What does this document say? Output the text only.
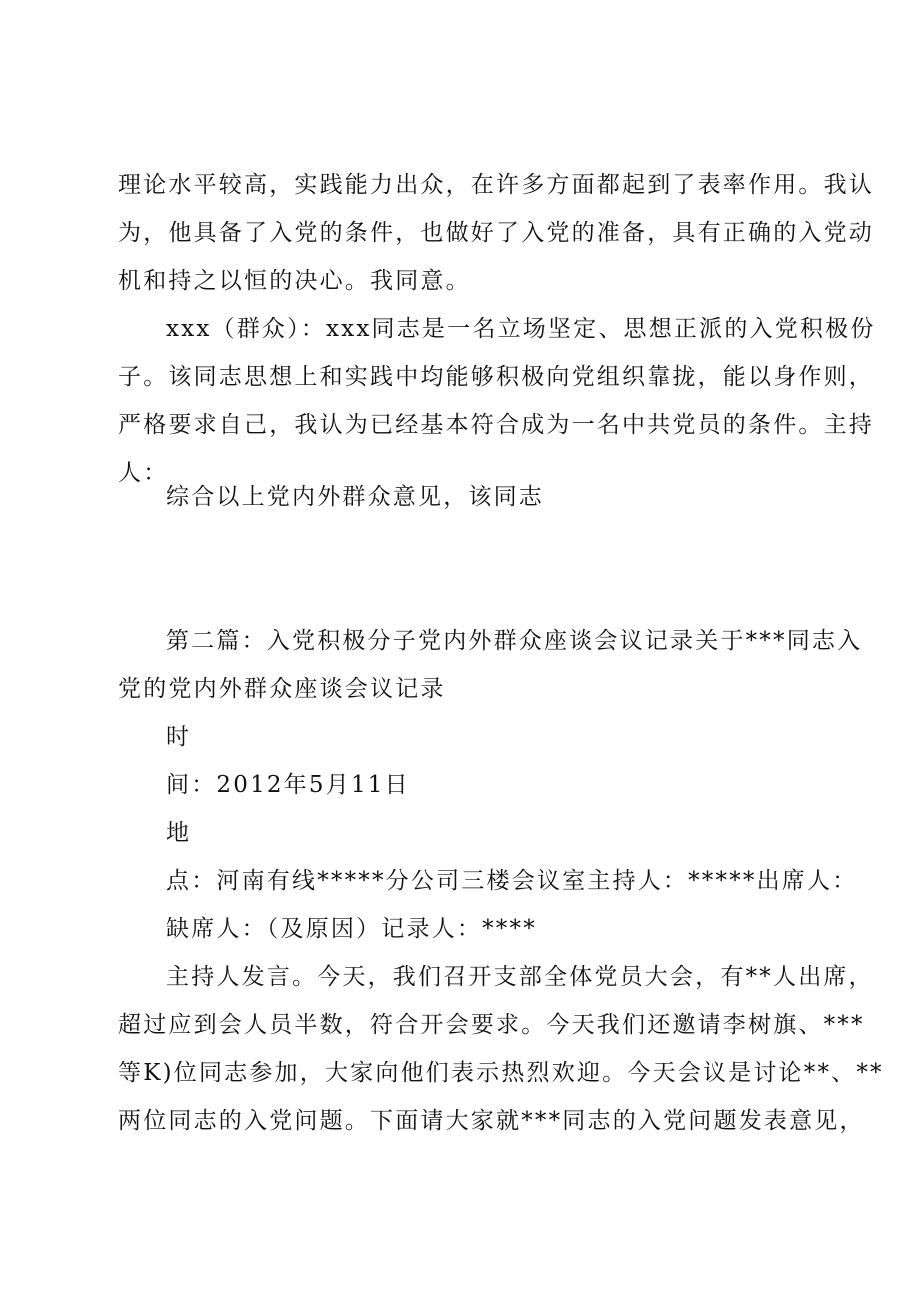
理论水平较高，实践能力出众，在许多方面都起到了表率作用。我认
为，他具备了入党的条件，也做好了入党的准备，具有正确的入党动
机和持之以恒的决心。我同意。
xxx（群众）：xxx同志是一名立场坚定、思想正派的入党积极份
子。该同志思想上和实践中均能够积极向党组织靠拢，能以身作则，
严格要求自己，我认为已经基本符合成为一名中共党员的条件。主持
人：
综合以上党内外群众意见，该同志
第二篇：入党积极分子党内外群众座谈会议记录关于***同志入
党的党内外群众座谈会议记录
时
间：2012年5月11日
地
点：河南有线*****分公司三楼会议室主持人：*****出席人：
缺席人：（及原因）记录人：****
主持人发言。今天，我们召开支部全体党员大会，有**人出席，
超过应到会人员半数，符合开会要求。今天我们还邀请李树旗、***
等K)位同志参加，大家向他们表示热烈欢迎。今天会议是讨论**、**
两位同志的入党问题。下面请大家就***同志的入党问题发表意见，
